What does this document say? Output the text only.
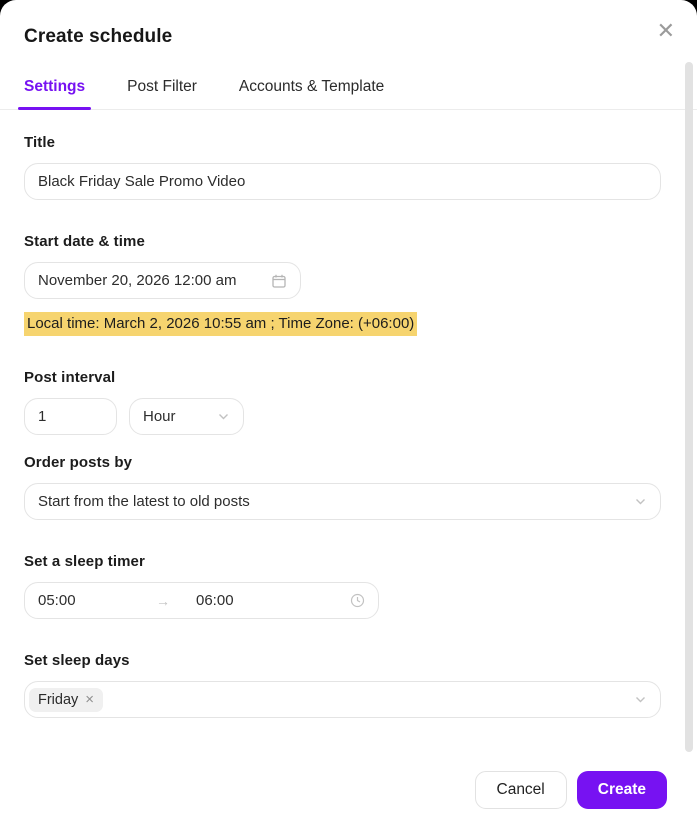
Create schedule	✕
Settings	Post Filter	Accounts & Template
Title
Black Friday Sale Promo Video
Start date & time
November 20, 2026 12:00 am
Local time: March 2, 2026 10:55 am ; Time Zone: (+06:00)
Post interval
1	Hour
Order posts by
Start from the latest to old posts
Set a sleep timer
05:00	→ 06:00
Set sleep days
Friday ×
Cancel	Create
